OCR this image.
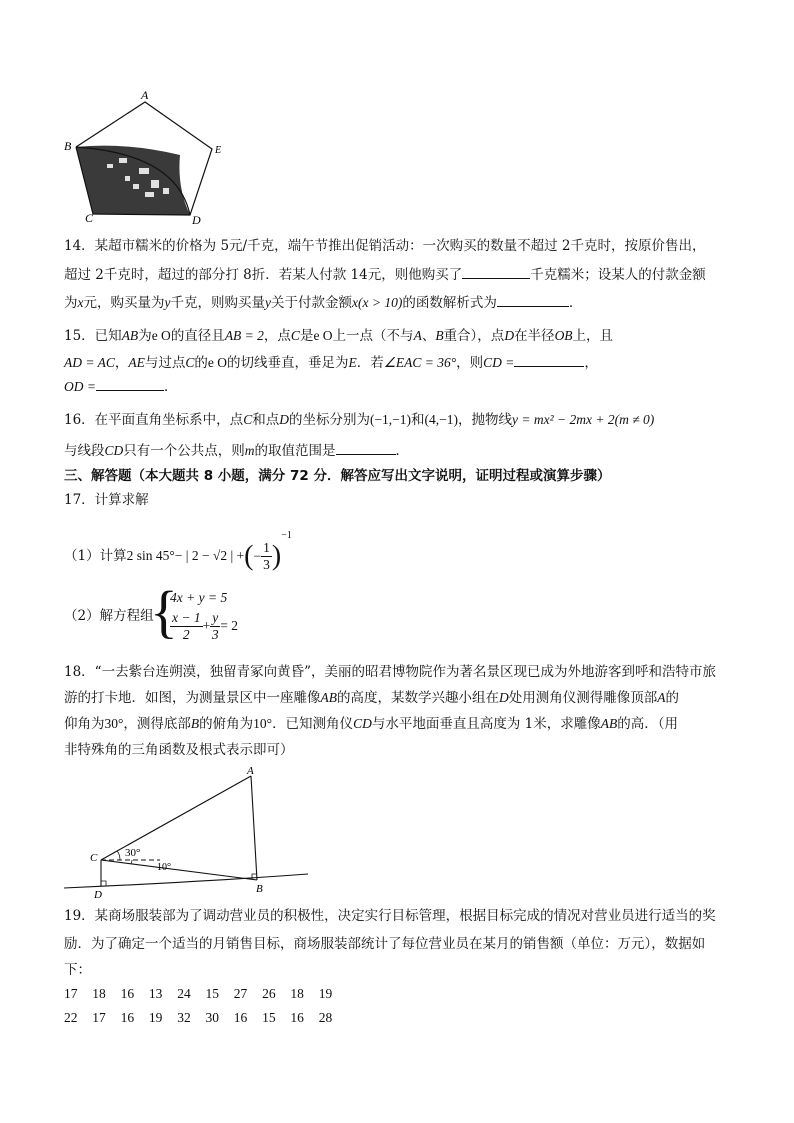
A
B	E
C	D
14．某超市糯米的价格为 5元/千克，端午节推出促销活动：一次购买的数量不超过 2千克时，按原价售出，
超过 2千克时，超过的部分打 8折．若某人付款 14元，则他购买了	千克糯米；设某人的付款金额
为x元，购买量为y千克，则购买量y关于付款金额x(x > 10)的函数解析式为	．
15．已知AB为e O的直径且AB = 2，点C是e O上一点（不与A、B重合），点D在半径OB上，且
AD = AC，AE与过点C的e O的切线垂直，垂足为E．若∠EAC = 36°，则CD =	，
OD =	．
16．在平面直角坐标系中，点C和点D的坐标分别为(−1,−1)和(4,−1)，抛物线y = mx² − 2mx + 2(m ≠ 0)
与线段CD只有一个公共点，则m的取值范围是	．
三、解答题（本大题共 8 小题，满分 72 分．解答应写出文字说明，证明过程或演算步骤）
17．计算求解
（1）计算2 sin 45°− | 2 − √2 | +(− $\frac{1}{3} )^{-1}$
（2）解方程组
{
4x + y = 5
$\frac{x - 1}{2} + \frac{y}{3} = 2$
18．“一去紫台连朔漠，独留青冢向黄昏”，美丽的昭君博物院作为著名景区现已成为外地游客到呼和浩特市旅
游的打卡地．如图，为测量景区中一座雕像AB的高度，某数学兴趣小组在D处用测角仪测得雕像顶部A的
仰角为30°，测得底部B的俯角为10°．已知测角仪CD与水平地面垂直且高度为 1米，求雕像AB的高．（用
非特殊角的三角函数及根式表示即可）
A
C
D	B
30°
10°
19．某商场服装部为了调动营业员的积极性，决定实行目标管理，根据目标完成的情况对营业员进行适当的奖
励．为了确定一个适当的月销售目标，商场服装部统计了每位营业员在某月的销售额（单位：万元），数据如
下：
17 18 16 13 24 15 27 26 18 19
22 17 16 19 32 30 16 15 16 28
